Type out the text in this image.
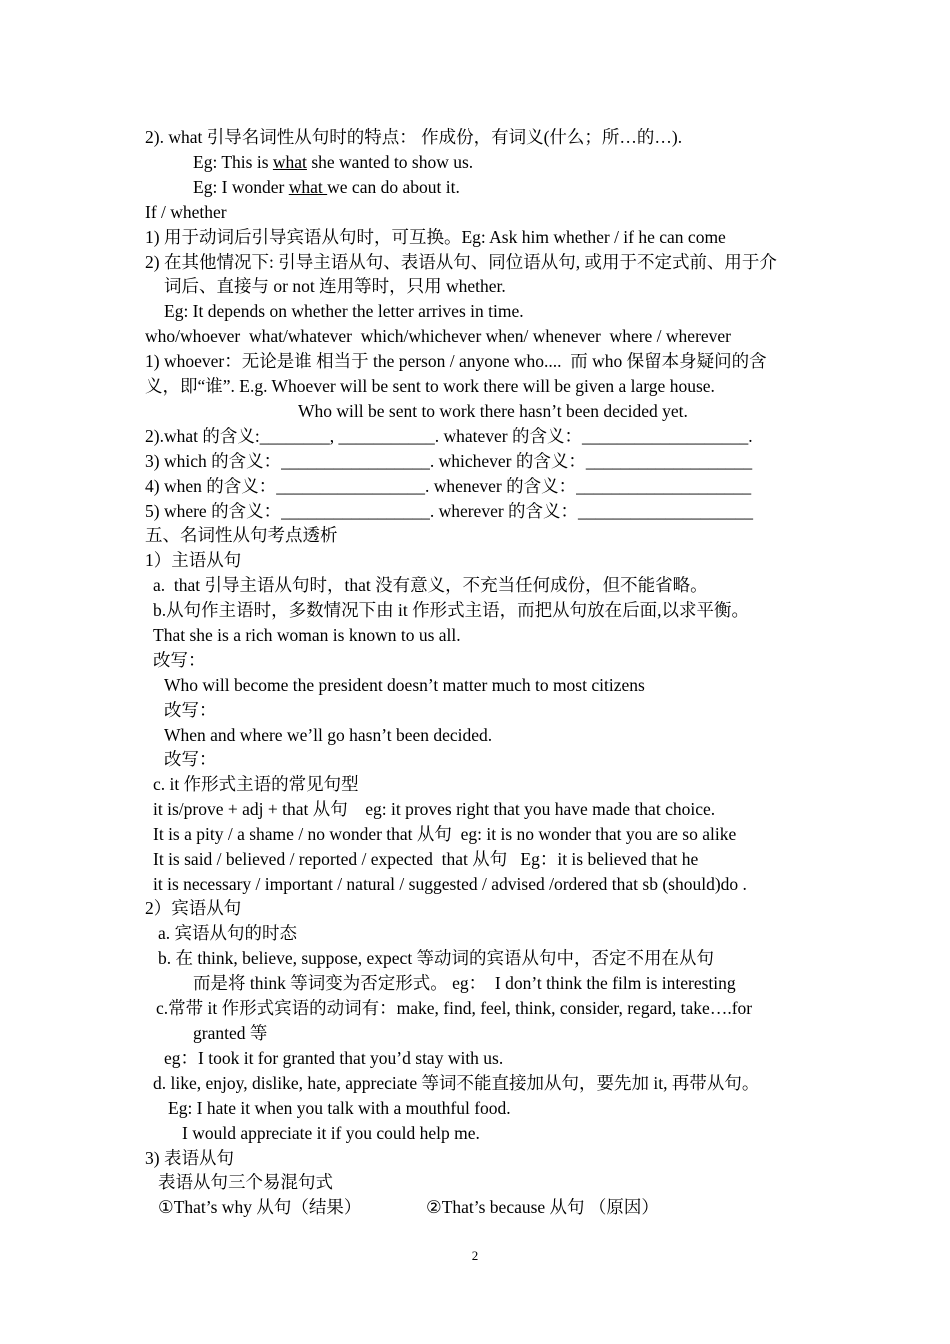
2). what 引导名词性从句时的特点： 作成份，有词义(什么；所…的…).
Eg: This is what she wanted to show us.
Eg: I wonder what we can do about it.
If / whether
1) 用于动词后引导宾语从句时，可互换。Eg: Ask him whether / if he can come
2) 在其他情况下: 引导主语从句、表语从句、同位语从句, 或用于不定式前、用于介
词后、直接与 or not 连用等时，只用 whether.
Eg: It depends on whether the letter arrives in time.
who/whoever  what/whatever  which/whichever when/ whenever  where / wherever
1) whoever：无论是谁 相当于 the person / anyone who....  而 who 保留本身疑问的含
义，即“谁”. E.g. Whoever will be sent to work there will be given a large house.
Who will be sent to work there hasn’t been decided yet.
2).what 的含义:________, ___________. whatever 的含义：___________________.
3) which 的含义：_________________. whichever 的含义：___________________
4) when 的含义：_________________. whenever 的含义：____________________
5) where 的含义：_________________. wherever 的含义：____________________
五、名词性从句考点透析
1）主语从句
a.  that 引导主语从句时，that 没有意义，不充当任何成份，但不能省略。
b.从句作主语时，多数情况下由 it 作形式主语，而把从句放在后面,以求平衡。
That she is a rich woman is known to us all.
改写：
Who will become the president doesn’t matter much to most citizens
改写：
When and where we’ll go hasn’t been decided.
改写：
c. it 作形式主语的常见句型
it is/prove + adj + that 从句    eg: it proves right that you have made that choice.
It is a pity / a shame / no wonder that 从句  eg: it is no wonder that you are so alike
It is said / believed / reported / expected  that 从句   Eg：it is believed that he
it is necessary / important / natural / suggested / advised /ordered that sb (should)do .
2）宾语从句
a. 宾语从句的时态
b. 在 think, believe, suppose, expect 等动词的宾语从句中，否定不用在从句
而是将 think 等词变为否定形式。 eg：  I don’t think the film is interesting
c.常带 it 作形式宾语的动词有：make, find, feel, think, consider, regard, take….for
granted 等
eg：I took it for granted that you’d stay with us.
d. like, enjoy, dislike, hate, appreciate 等词不能直接加从句，要先加 it, 再带从句。
Eg: I hate it when you talk with a mouthful food.
I would appreciate it if you could help me.
3) 表语从句
表语从句三个易混句式
①That’s why 从句（结果）	②That’s because 从句 （原因）
2
